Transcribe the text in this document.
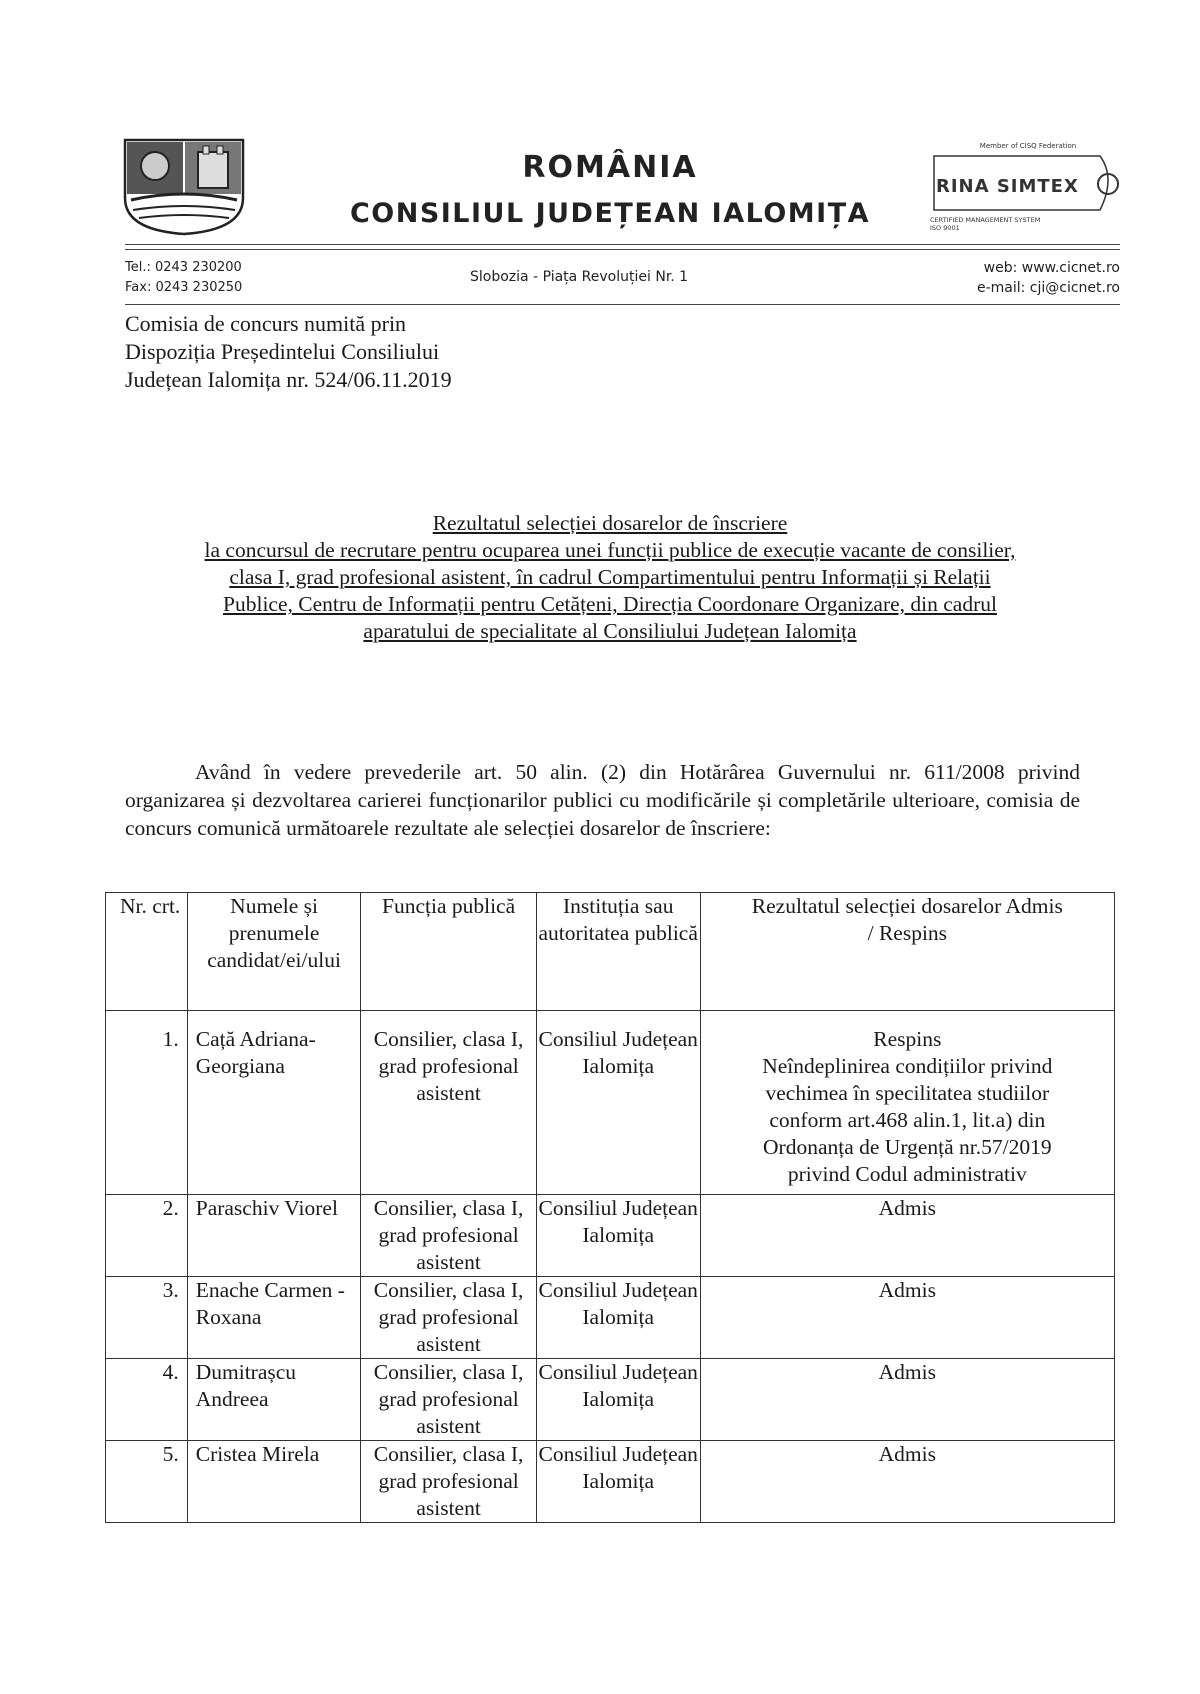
ROMÂNIA
CONSILIUL JUDEȚEAN IALOMIȚA
Member of CISQ Federation
RINA SIMTEX
CERTIFIED MANAGEMENT SYSTEM
ISO 9001
Tel.: 0243 230200
Fax: 0243 230250
Slobozia - Piața Revoluției Nr. 1
web: www.cicnet.ro
e-mail: cji@cicnet.ro
Comisia de concurs numită prin
Dispoziția Președintelui Consiliului
Județean Ialomița nr. 524/06.11.2019
Rezultatul selecției dosarelor de înscriere
la concursul de recrutare pentru ocuparea unei funcții publice de execuție vacante de consilier,
clasa I, grad profesional asistent, în cadrul Compartimentului pentru Informații și Relații
Publice, Centru de Informații pentru Cetățeni, Direcția Coordonare Organizare, din cadrul
aparatului de specialitate al Consiliului Județean Ialomița
Având în vedere prevederile art. 50 alin. (2) din Hotărârea Guvernului nr. 611/2008 privind organizarea și dezvoltarea carierei funcționarilor publici cu modificările și completările ulterioare, comisia de concurs comunică următoarele rezultate ale selecției dosarelor de înscriere:
Nr. crt.	Numele și prenumele candidat/ei/ului	Funcția publică	Instituția sau autoritatea publică	Rezultatul selecției dosarelor Admis / Respins
1.	Cață Adriana-Georgiana	Consilier, clasa I, grad profesional asistent	Consiliul Județean Ialomița	Respins
Neîndeplinirea condițiilor privind vechimea în specilitatea studiilor conform art.468 alin.1, lit.a) din Ordonanța de Urgență nr.57/2019 privind Codul administrativ

2.	Paraschiv Viorel	Consilier, clasa I, grad profesional asistent	Consiliul Județean Ialomița	Admis
3.	Enache Carmen - Roxana	Consilier, clasa I, grad profesional asistent	Consiliul Județean Ialomița	Admis
4.	Dumitrașcu Andreea	Consilier, clasa I, grad profesional asistent	Consiliul Județean Ialomița	Admis
5.	Cristea Mirela	Consilier, clasa I, grad profesional asistent	Consiliul Județean Ialomița	Admis
